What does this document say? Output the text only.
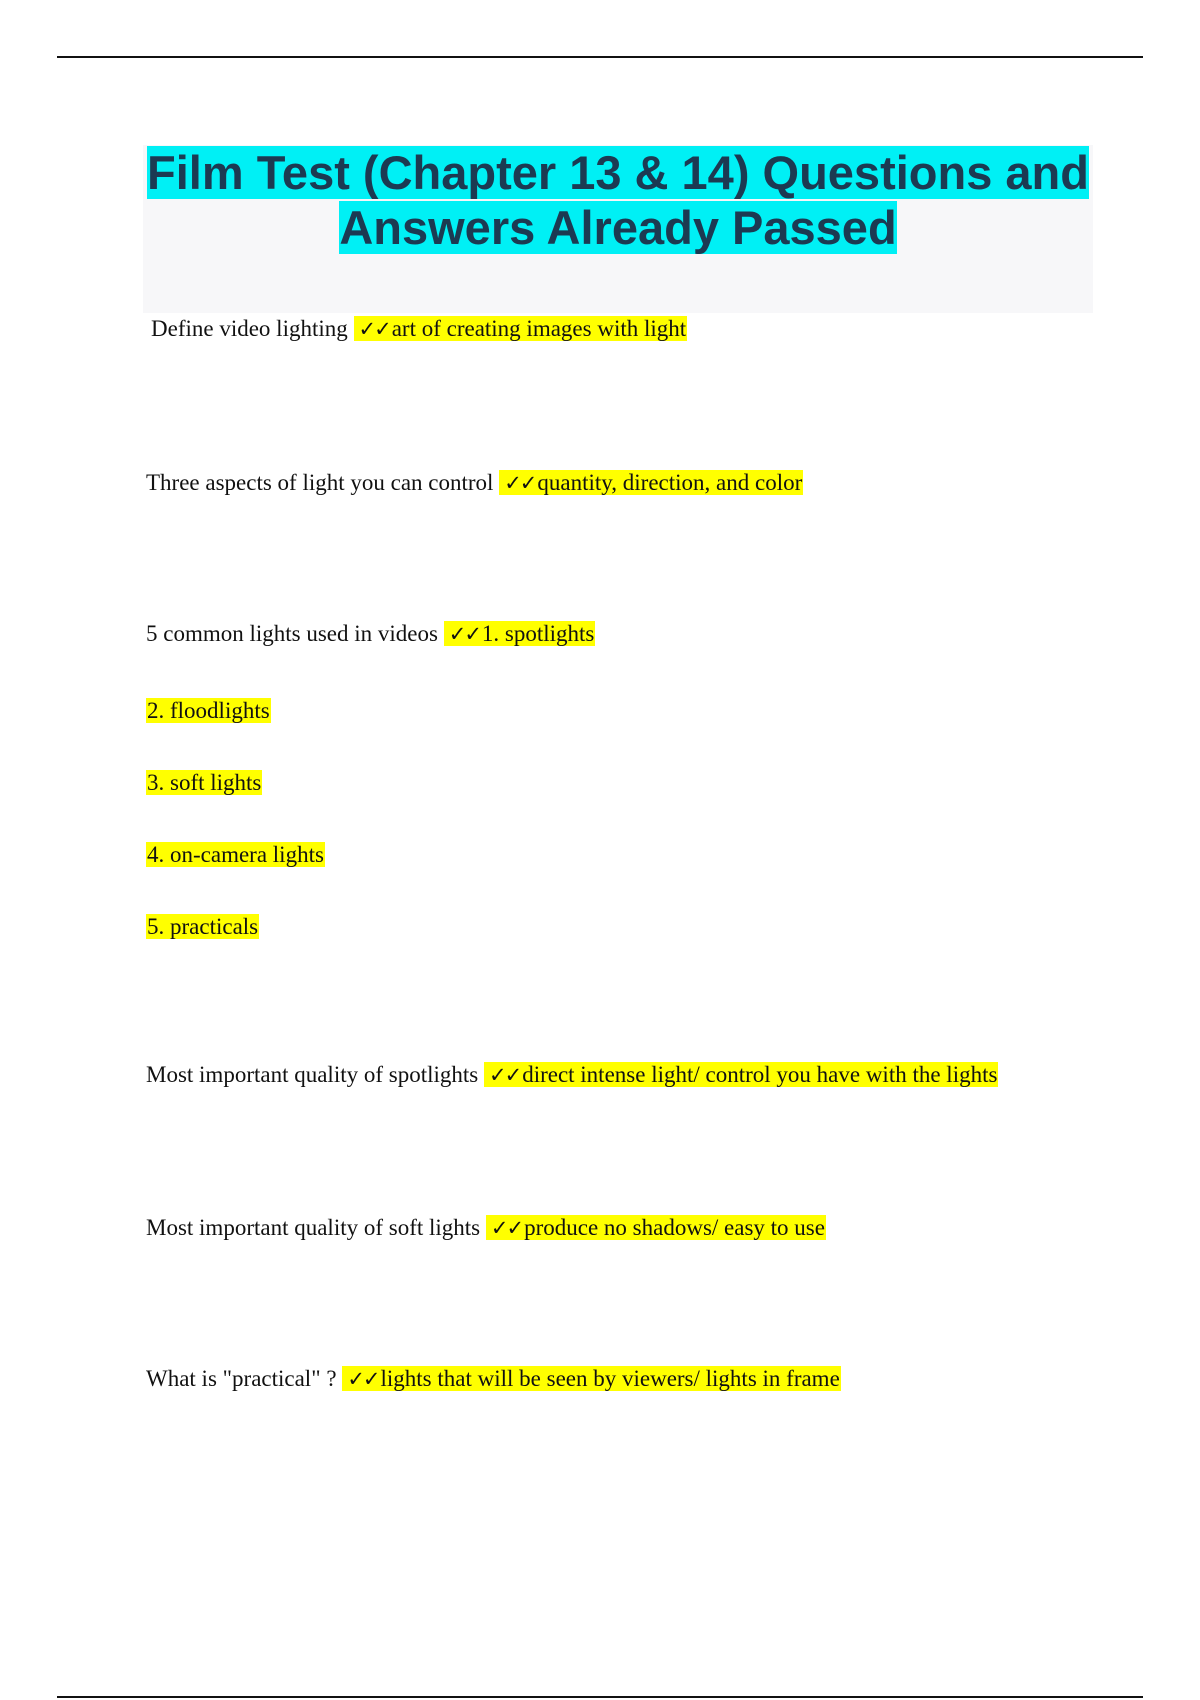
Film Test (Chapter 13 & 14) Questions and Answers Already Passed
Define video lighting ✓✓art of creating images with light
Three aspects of light you can control ✓✓quantity, direction, and color
5 common lights used in videos ✓✓1. spotlights
2. floodlights
3. soft lights
4. on-camera lights
5. practicals
Most important quality of spotlights ✓✓direct intense light/ control you have with the lights
Most important quality of soft lights ✓✓produce no shadows/ easy to use
What is "practical" ? ✓✓lights that will be seen by viewers/ lights in frame
